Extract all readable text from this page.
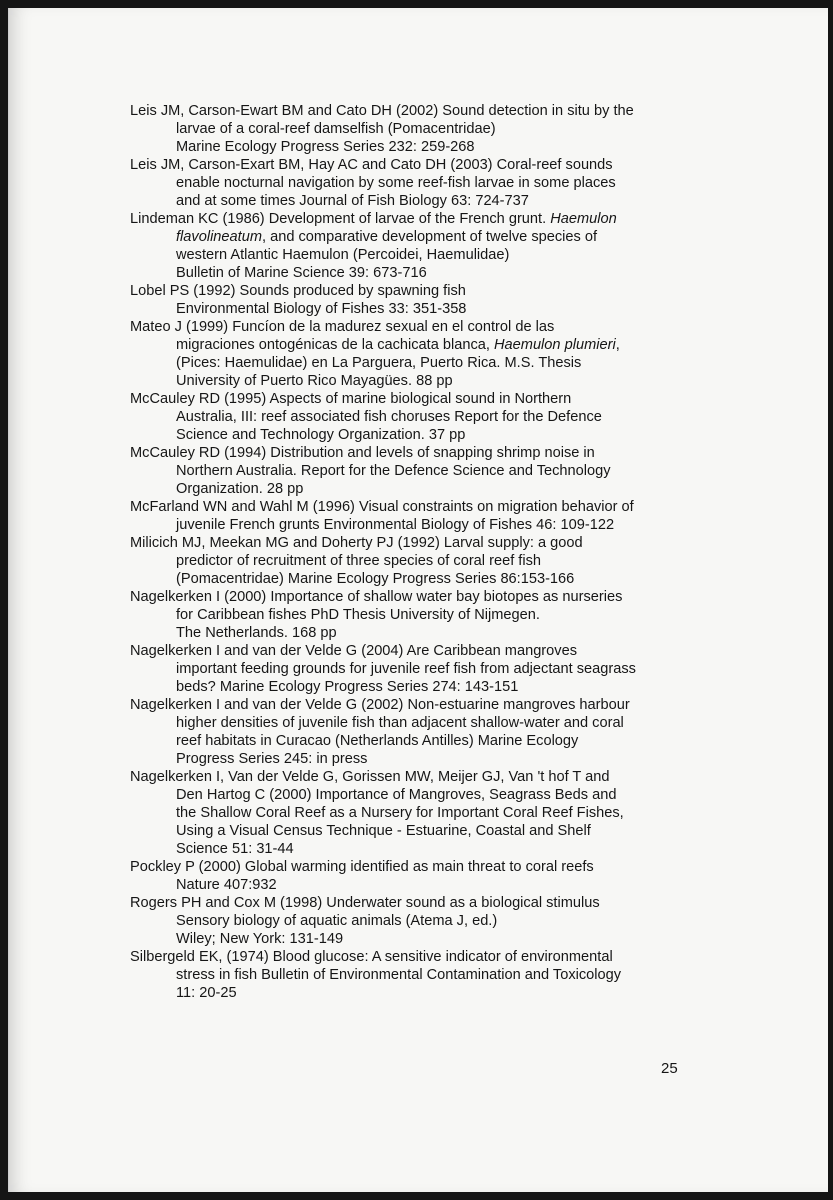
Leis JM, Carson-Ewart BM and Cato DH (2002) Sound detection in situ by the
larvae of a coral-reef damselfish (Pomacentridae)
Marine Ecology Progress Series 232: 259-268
Leis JM, Carson-Exart BM, Hay AC and Cato DH (2003) Coral-reef sounds
enable nocturnal navigation by some reef-fish larvae in some places
and at some times Journal of Fish Biology 63: 724-737
Lindeman KC (1986) Development of larvae of the French grunt. Haemulon
flavolineatum, and comparative development of twelve species of
western Atlantic Haemulon (Percoidei, Haemulidae)
Bulletin of Marine Science 39: 673-716
Lobel PS (1992) Sounds produced by spawning fish
Environmental Biology of Fishes 33: 351-358
Mateo J (1999) Funcíon de la madurez sexual en el control de las
migraciones ontogénicas de la cachicata blanca, Haemulon plumieri,
(Pices: Haemulidae) en La Parguera, Puerto Rica. M.S. Thesis
University of Puerto Rico Mayagües. 88 pp
McCauley RD (1995) Aspects of marine biological sound in Northern
Australia, III: reef associated fish choruses Report for the Defence
Science and Technology Organization. 37 pp
McCauley RD (1994) Distribution and levels of snapping shrimp noise in
Northern Australia. Report for the Defence Science and Technology
Organization. 28 pp
McFarland WN and Wahl M (1996) Visual constraints on migration behavior of
juvenile French grunts Environmental Biology of Fishes 46: 109-122
Milicich MJ, Meekan MG and Doherty PJ (1992) Larval supply: a good
predictor of recruitment of three species of coral reef fish
(Pomacentridae) Marine Ecology Progress Series 86:153-166
Nagelkerken I (2000) Importance of shallow water bay biotopes as nurseries
for Caribbean fishes PhD Thesis University of Nijmegen.
The Netherlands. 168 pp
Nagelkerken I and van der Velde G (2004) Are Caribbean mangroves
important feeding grounds for juvenile reef fish from adjectant seagrass
beds? Marine Ecology Progress Series 274: 143-151
Nagelkerken I and van der Velde G (2002) Non-estuarine mangroves harbour
higher densities of juvenile fish than adjacent shallow-water and coral
reef habitats in Curacao (Netherlands Antilles) Marine Ecology
Progress Series 245: in press
Nagelkerken I, Van der Velde G, Gorissen MW, Meijer GJ, Van 't hof T and
Den Hartog C (2000) Importance of Mangroves, Seagrass Beds and
the Shallow Coral Reef as a Nursery for Important Coral Reef Fishes,
Using a Visual Census Technique - Estuarine, Coastal and Shelf
Science 51: 31-44
Pockley P (2000) Global warming identified as main threat to coral reefs
Nature 407:932
Rogers PH and Cox M (1998) Underwater sound as a biological stimulus
Sensory biology of aquatic animals (Atema J, ed.)
Wiley; New York: 131-149
Silbergeld EK, (1974) Blood glucose: A sensitive indicator of environmental
stress in fish Bulletin of Environmental Contamination and Toxicology
11: 20-25
25
